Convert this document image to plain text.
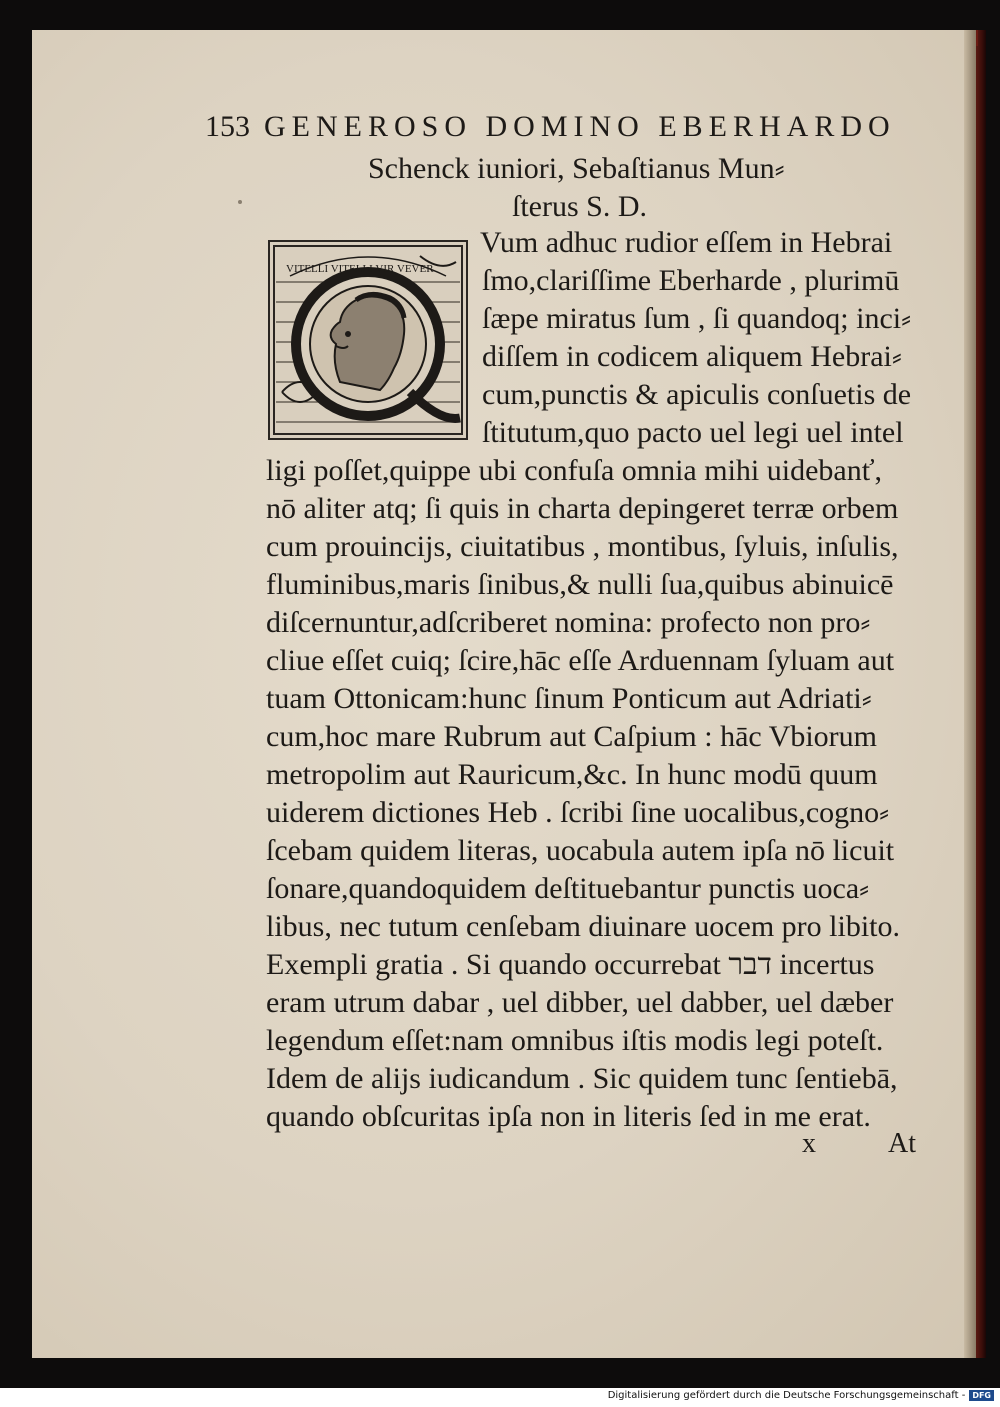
153 GENEROSO DOMINO EBERHARDO
Schenck iuniori, Sebaſtianus Mun⸗
ſterus S. D.
VITELLI VITELLI VIR VEVER
Vum adhuc rudior eſſem in Hebrai
ſmo,clariſſime Eberharde , plurimū
ſæpe miratus ſum , ſi quandoq; inci⸗
diſſem in codicem aliquem Hebrai⸗
cum,punctis & apiculis conſuetis de
ſtitutum,quo pacto uel legi uel intel
ligi poſſet,quippe ubi confuſa omnia mihi uidebanť,
nō aliter atq; ſi quis in charta depingeret terræ orbem
cum prouincijs, ciuitatibus , montibus, ſyluis, inſulis,
fluminibus,maris ſinibus,& nulli ſua,quibus abinuicē
diſcernuntur,adſcriberet nomina: profecto non pro⸗
cliue eſſet cuiq; ſcire,hāc eſſe Arduennam ſyluam aut
tuam Ottonicam:hunc ſinum Ponticum aut Adriati⸗
cum,hoc mare Rubrum aut Caſpium : hāc Vbiorum
metropolim aut Rauricum,&c. In hunc modū quum
uiderem dictiones Heb . ſcribi ſine uocalibus,cogno⸗
ſcebam quidem literas, uocabula autem ipſa nō licuit
ſonare,quandoquidem deſtituebantur punctis uoca⸗
libus, nec tutum cenſebam diuinare uocem pro libito.
Exempli gratia . Si quando occurrebat דבר incertus
eram utrum dabar , uel dibber, uel dabber, uel dæber
legendum eſſet:nam omnibus iſtis modis legi poteſt.
Idem de alijs iudicandum . Sic quidem tunc ſentiebā,
quando obſcuritas ipſa non in literis ſed in me erat.
x	At
Digitalisierung gefördert durch die Deutsche Forschungsgemeinschaft - DFG
